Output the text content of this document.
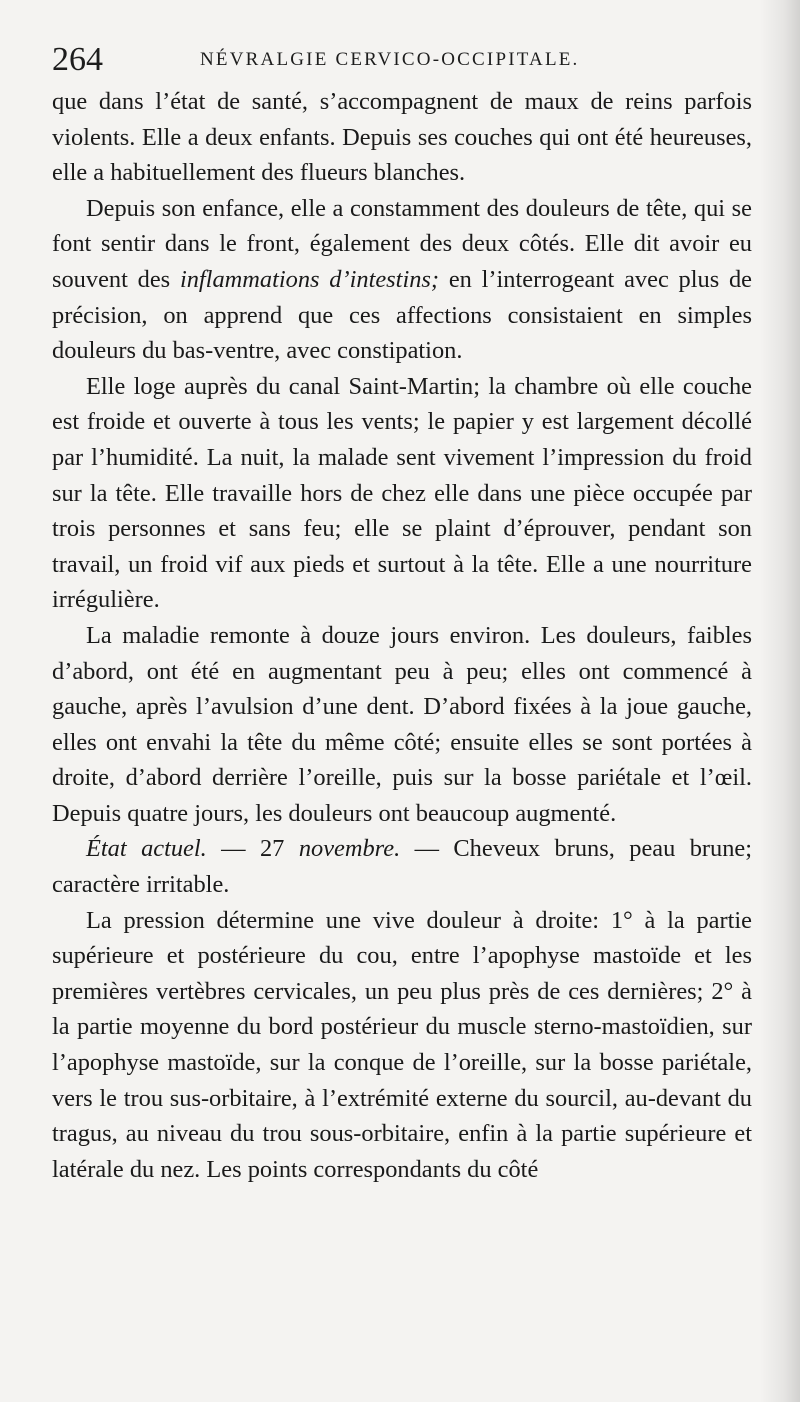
264	NÉVRALGIE CERVICO-OCCIPITALE.

que dans l’état de santé, s’accompagnent de maux de reins parfois violents. Elle a deux enfants. Depuis ses couches qui ont été heureuses, elle a habituellement des flueurs blanches.

Depuis son enfance, elle a constamment des douleurs de tête, qui se font sentir dans le front, également des deux côtés. Elle dit avoir eu souvent des inflammations d’intestins; en l’interrogeant avec plus de précision, on apprend que ces affections consistaient en simples douleurs du bas-ventre, avec constipation.

Elle loge auprès du canal Saint-Martin; la chambre où elle couche est froide et ouverte à tous les vents; le papier y est largement décollé par l’humidité. La nuit, la malade sent vivement l’impression du froid sur la tête. Elle travaille hors de chez elle dans une pièce occupée par trois personnes et sans feu; elle se plaint d’éprouver, pendant son travail, un froid vif aux pieds et surtout à la tête. Elle a une nourriture irrégulière.

La maladie remonte à douze jours environ. Les douleurs, faibles d’abord, ont été en augmentant peu à peu; elles ont commencé à gauche, après l’avulsion d’une dent. D’abord fixées à la joue gauche, elles ont envahi la tête du même côté; ensuite elles se sont portées à droite, d’abord derrière l’oreille, puis sur la bosse pariétale et l’œil. Depuis quatre jours, les douleurs ont beaucoup augmenté.

État actuel. — 27 novembre. — Cheveux bruns, peau brune; caractère irritable.

La pression détermine une vive douleur à droite: 1° à la partie supérieure et postérieure du cou, entre l’apophyse mastoïde et les premières vertèbres cervicales, un peu plus près de ces dernières; 2° à la partie moyenne du bord postérieur du muscle sterno-mastoïdien, sur l’apophyse mastoïde, sur la conque de l’oreille, sur la bosse pariétale, vers le trou sus-orbitaire, à l’extrémité externe du sourcil, au-devant du tragus, au niveau du trou sous-orbitaire, enfin à la partie supérieure et latérale du nez. Les points correspondants du côté
